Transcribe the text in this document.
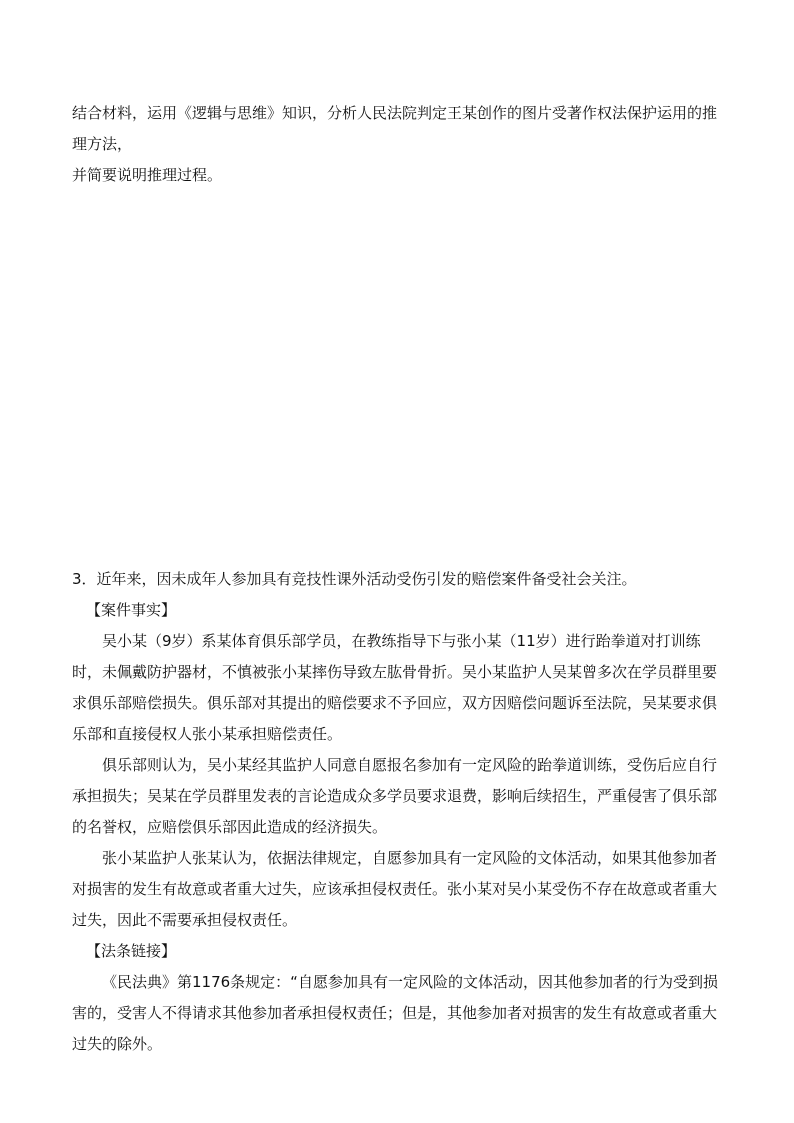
结合材料，运用《逻辑与思维》知识，分析人民法院判定王某创作的图片受著作权法保护运用的推理方法，

并简要说明推理过程。

3．近年来，因未成年人参加具有竞技性课外活动受伤引发的赔偿案件备受社会关注。

【案件事实】

吴小某（9岁）系某体育俱乐部学员，在教练指导下与张小某（11岁）进行跆拳道对打训练时，未佩戴防护器材，不慎被张小某摔伤导致左肱骨骨折。吴小某监护人吴某曾多次在学员群里要求俱乐部赔偿损失。俱乐部对其提出的赔偿要求不予回应，双方因赔偿问题诉至法院，吴某要求俱乐部和直接侵权人张小某承担赔偿责任。

俱乐部则认为，吴小某经其监护人同意自愿报名参加有一定风险的跆拳道训练，受伤后应自行承担损失；吴某在学员群里发表的言论造成众多学员要求退费，影响后续招生，严重侵害了俱乐部的名誉权，应赔偿俱乐部因此造成的经济损失。

张小某监护人张某认为，依据法律规定，自愿参加具有一定风险的文体活动，如果其他参加者对损害的发生有故意或者重大过失，应该承担侵权责任。张小某对吴小某受伤不存在故意或者重大过失，因此不需要承担侵权责任。

【法条链接】

《民法典》第1176条规定：“自愿参加具有一定风险的文体活动，因其他参加者的行为受到损害的，受害人不得请求其他参加者承担侵权责任；但是，其他参加者对损害的发生有故意或者重大过失的除外。
